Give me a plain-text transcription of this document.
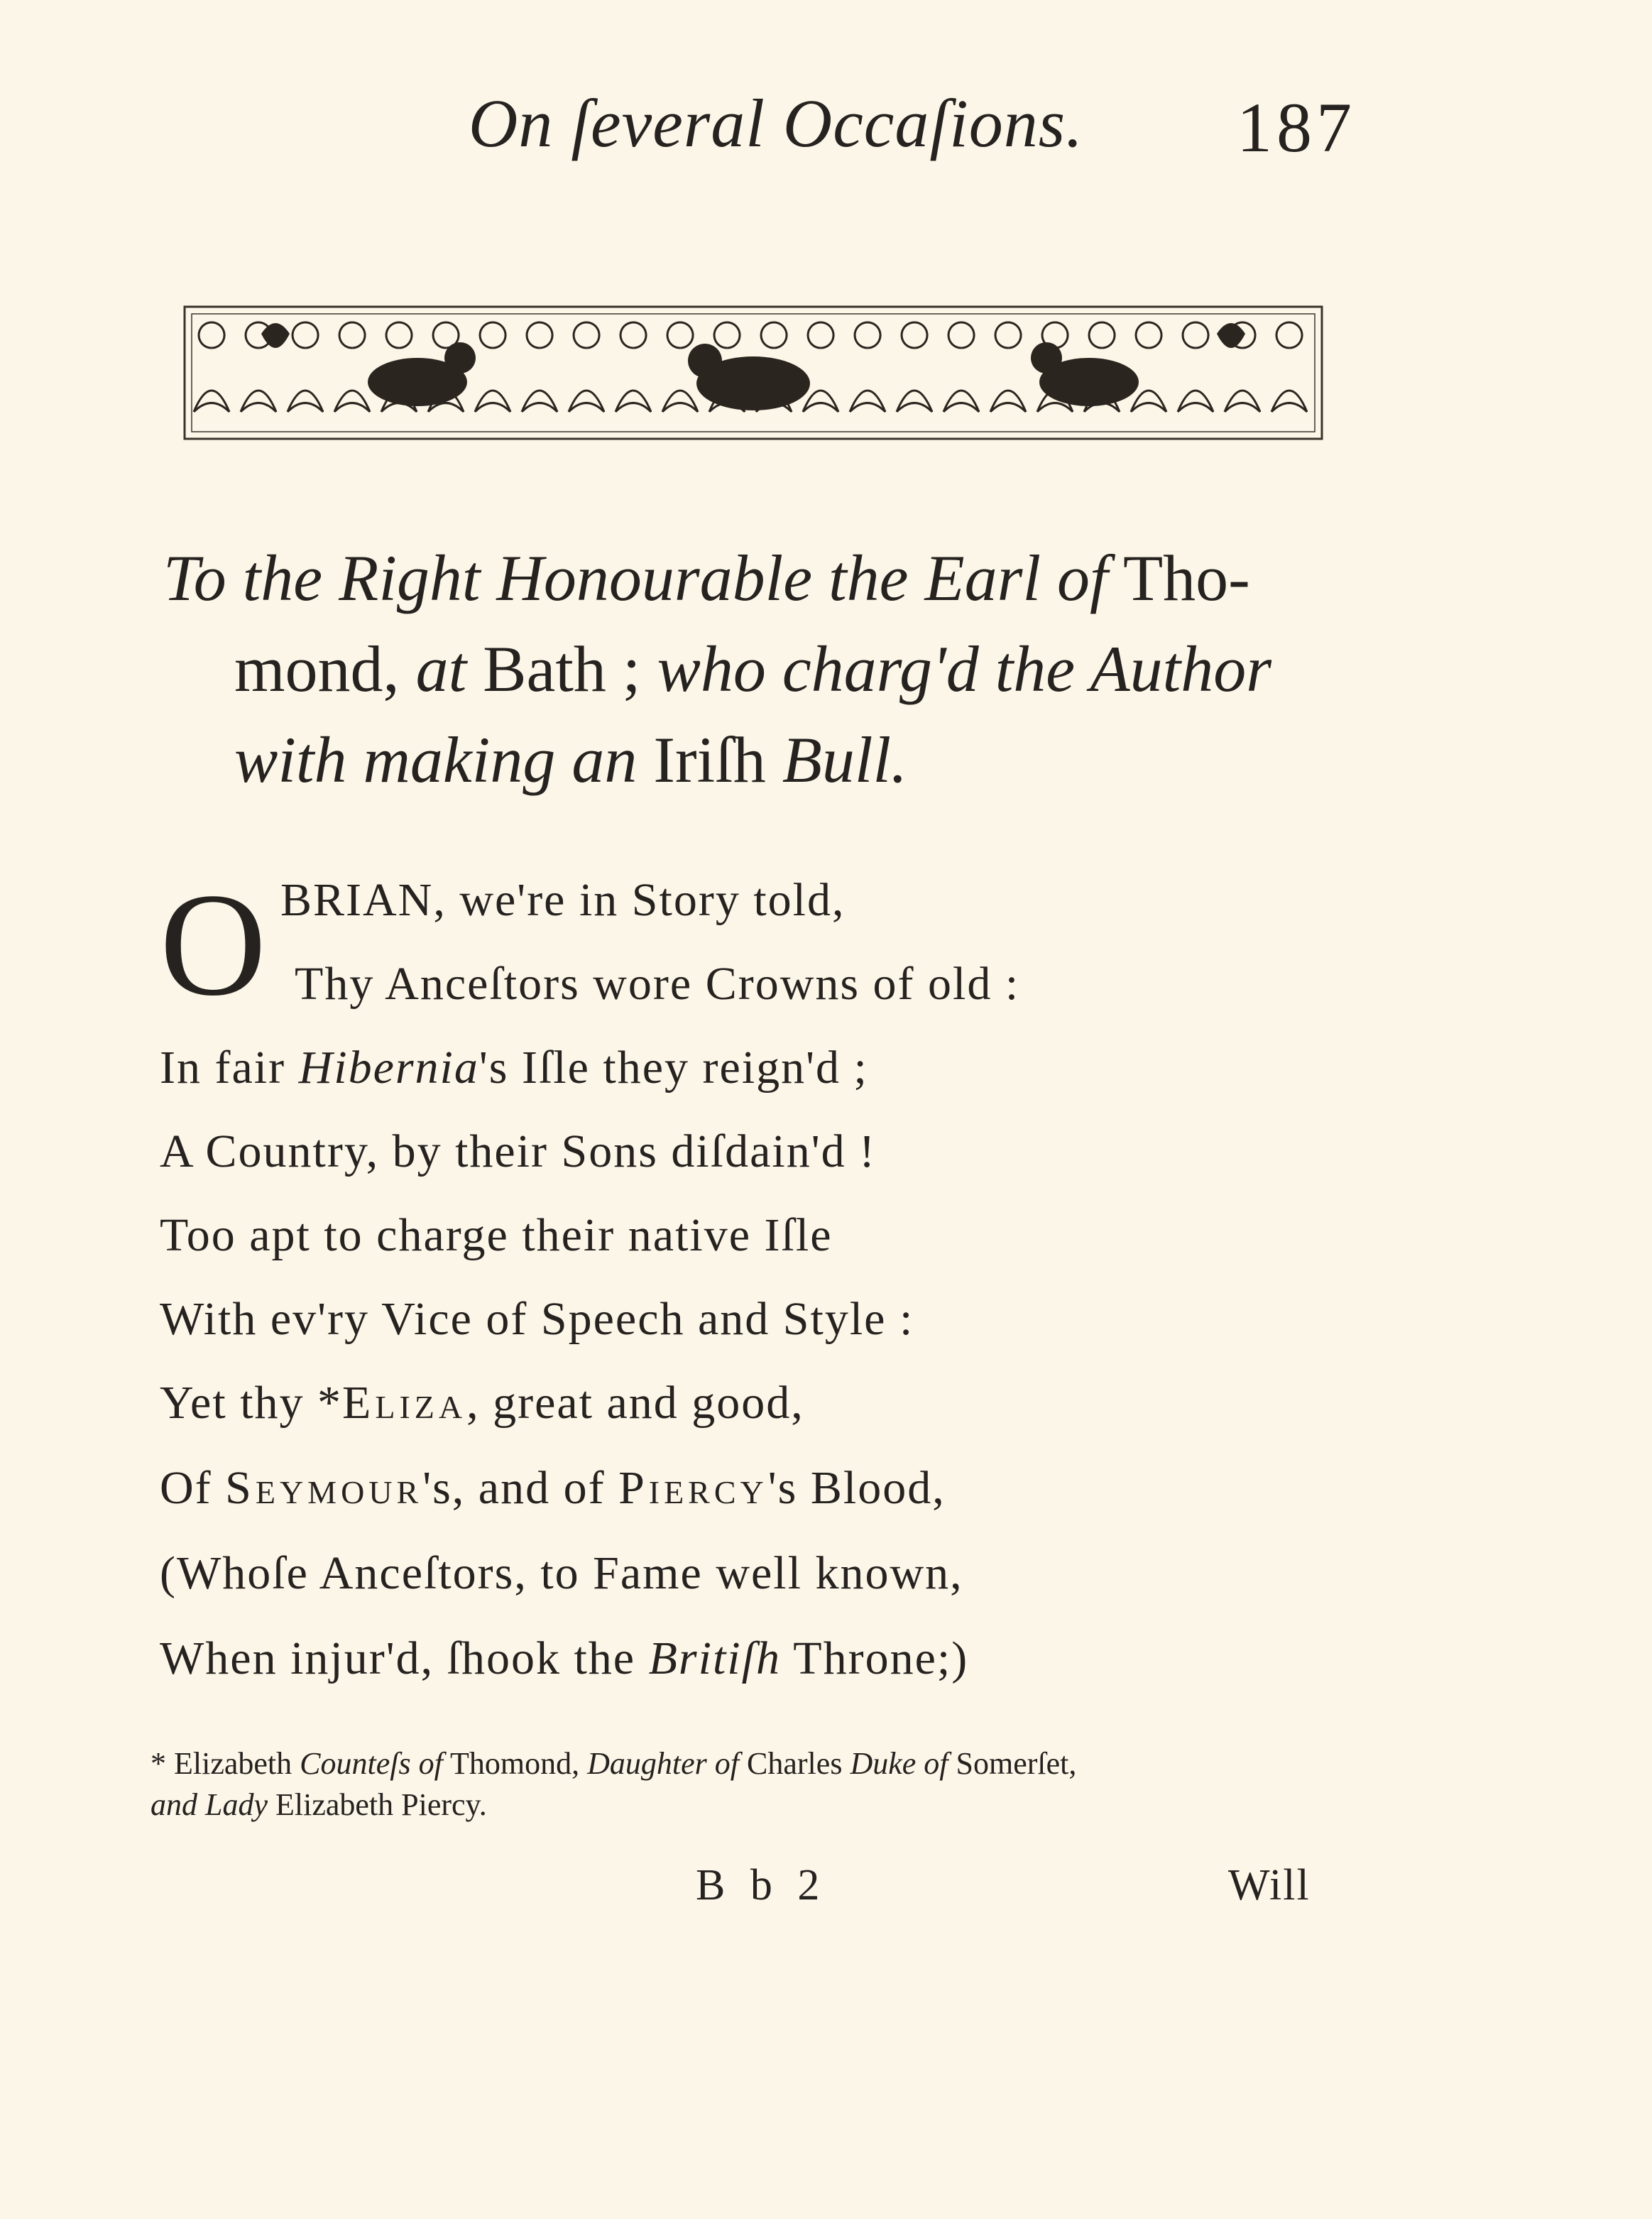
On ſeveral Occaſions. 187
To the Right Honourable the Earl of Tho-
mond, at Bath ; who charg'd the Author
with making an Iriſh Bull.
O BRIAN, we're in Story told,
Thy Anceſtors wore Crowns of old :
In fair Hibernia's Iſle they reign'd ;
A Country, by their Sons diſdain'd !
Too apt to charge their native Iſle
With ev'ry Vice of Speech and Style :
Yet thy *Eliza, great and good,
Of Seymour's, and of Piercy's Blood,
(Whoſe Anceſtors, to Fame well known,
When injur'd, ſhook the Britiſh Throne;)
* Elizabeth Counteſs of Thomond, Daughter of Charles Duke of Somerſet,
and Lady Elizabeth Piercy.
B b 2	Will
